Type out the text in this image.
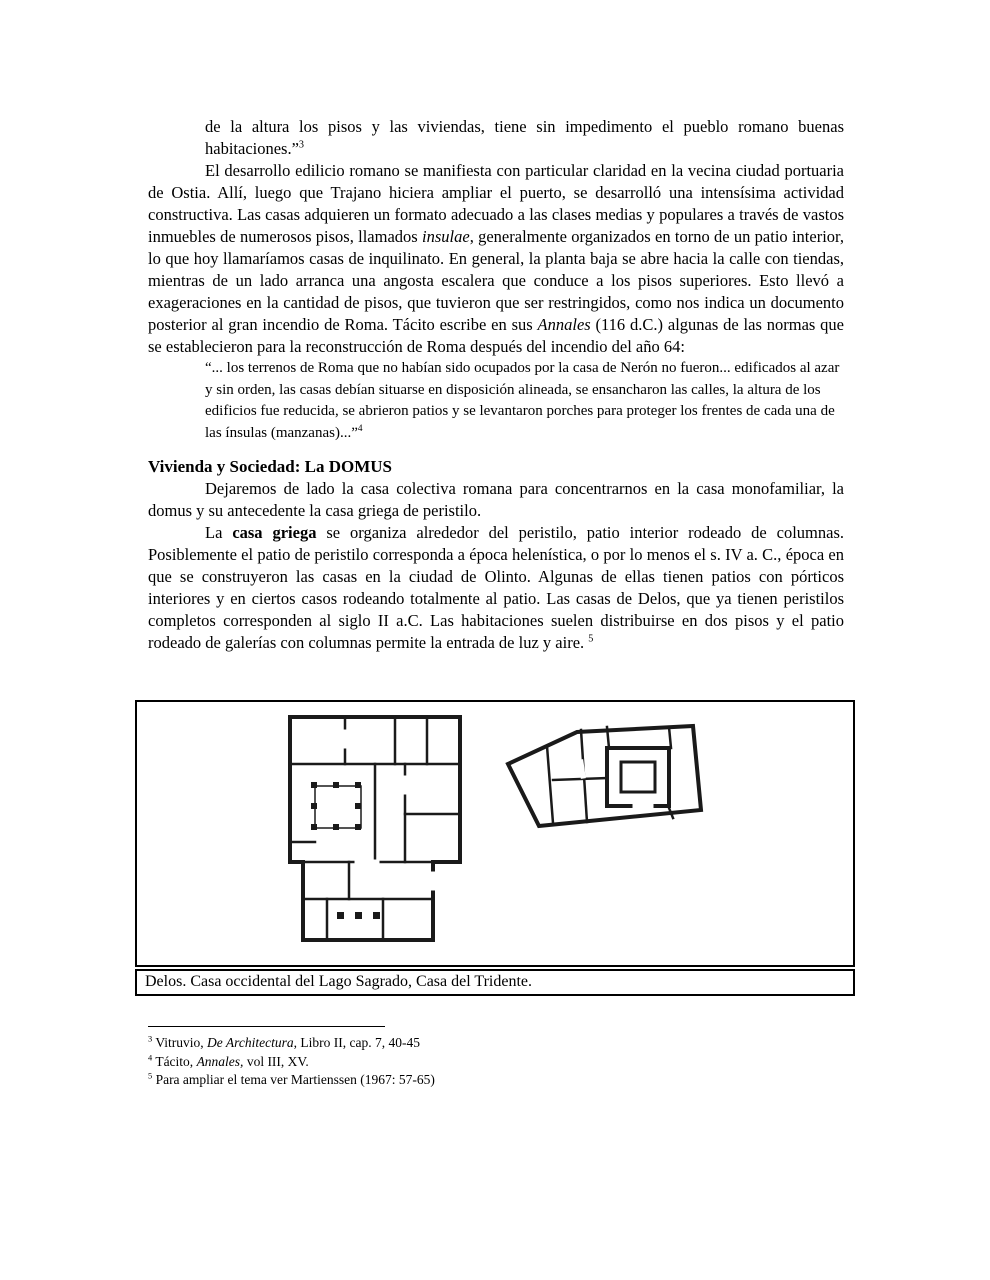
de la altura los pisos y las viviendas, tiene sin impedimento el pueblo romano buenas habitaciones.”$^3$

El desarrollo edilicio romano se manifiesta con particular claridad en la vecina ciudad portuaria de Ostia. Allí, luego que Trajano hiciera ampliar el puerto, se desarrolló una intensísima actividad constructiva. Las casas adquieren un formato adecuado a las clases medias y populares a través de vastos inmuebles de numerosos pisos, llamados insulae, generalmente organizados en torno de un patio interior, lo que hoy llamaríamos casas de inquilinato. En general, la planta baja se abre hacia la calle con tiendas, mientras de un lado arranca una angosta escalera que conduce a los pisos superiores. Esto llevó a exageraciones en la cantidad de pisos, que tuvieron que ser restringidos, como nos indica un documento posterior al gran incendio de Roma. Tácito escribe en sus Annales (116 d.C.) algunas de las normas que se establecieron para la reconstrucción de Roma después del incendio del año 64:

“... los terrenos de Roma que no habían sido ocupados por la casa de Nerón no fueron... edificados al azar y sin orden, las casas debían situarse en disposición alineada, se ensancharon las calles, la altura de los edificios fue reducida, se abrieron patios y se levantaron porches para proteger los frentes de cada una de las ínsulas (manzanas)...”$^4$

Vivienda y Sociedad: La DOMUS

Dejaremos de lado la casa colectiva romana para concentrarnos en la casa monofamiliar, la domus y su antecedente la casa griega de peristilo.

La casa griega se organiza alrededor del peristilo, patio interior rodeado de columnas. Posiblemente el patio de peristilo corresponda a época helenística, o por lo menos el s. IV a. C., época en que se construyeron las casas en la ciudad de Olinto. Algunas de ellas tienen patios con pórticos interiores y en ciertos casos rodeando totalmente al patio. Las casas de Delos, que ya tienen peristilos completos corresponden al siglo II a.C. Las habitaciones suelen distribuirse en dos pisos y el patio rodeado de galerías con columnas permite la entrada de luz y aire. $^5$

Delos. Casa occidental del Lago Sagrado, Casa del Tridente.

$^3$ Vitruvio, De Architectura, Libro II, cap. 7, 40-45

$^4$ Tácito, Annales, vol III, XV.

$^5$ Para ampliar el tema ver Martienssen (1967: 57-65)
